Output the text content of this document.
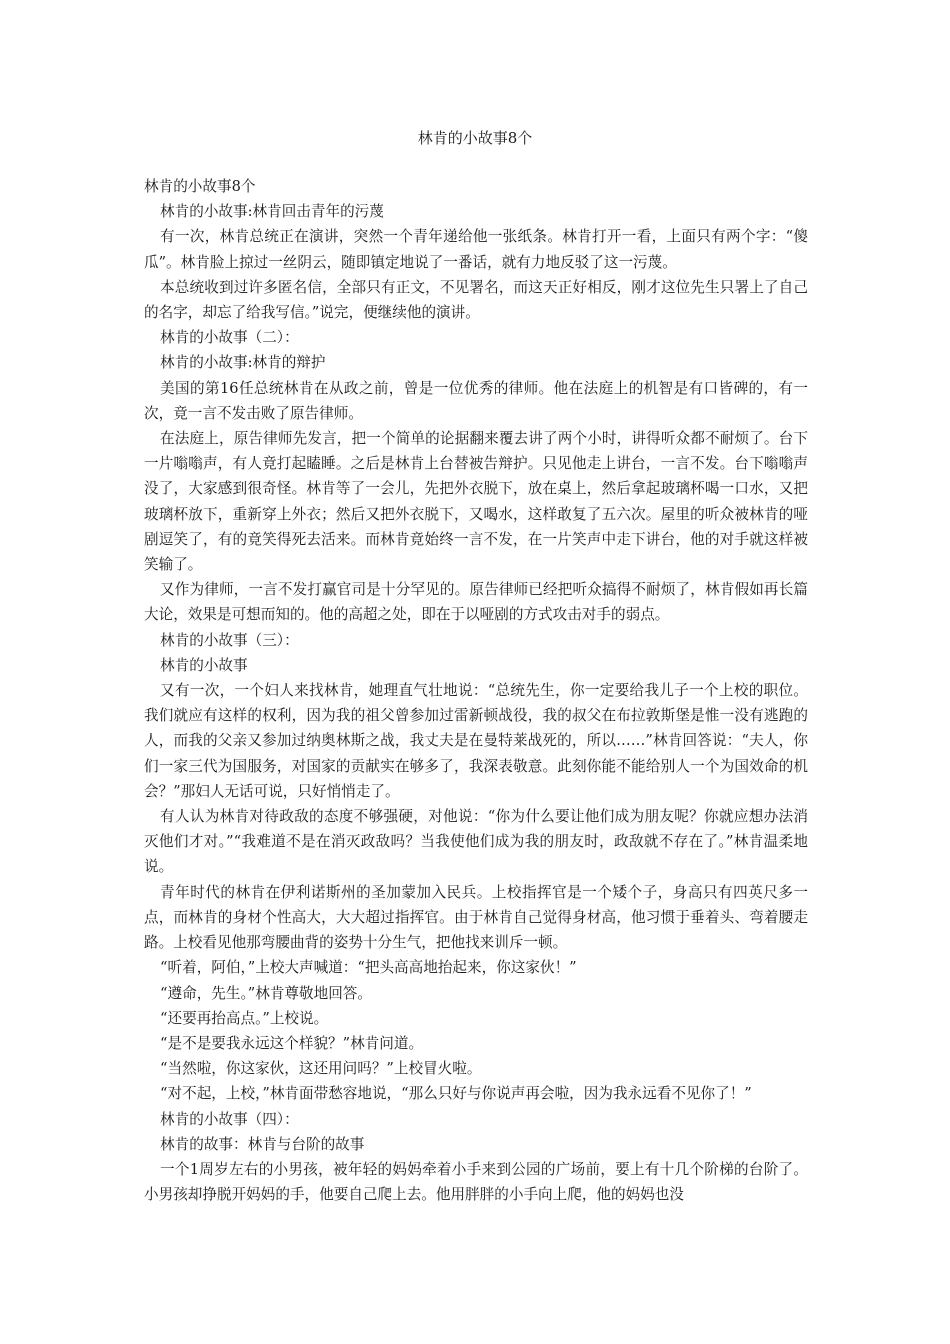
林肯的小故事8个

林肯的小故事8个

林肯的小故事:林肯回击青年的污蔑

有一次，林肯总统正在演讲，突然一个青年递给他一张纸条。林肯打开一看，上面只有两个字：“傻瓜”。林肯脸上掠过一丝阴云，随即镇定地说了一番话，就有力地反驳了这一污蔑。

本总统收到过许多匿名信，全部只有正文，不见署名，而这天正好相反，刚才这位先生只署上了自己的名字，却忘了给我写信。”说完，便继续他的演讲。

林肯的小故事（二）：

林肯的小故事:林肯的辩护

美国的第16任总统林肯在从政之前，曾是一位优秀的律师。他在法庭上的机智是有口皆碑的，有一次，竟一言不发击败了原告律师。

在法庭上，原告律师先发言，把一个简单的论据翻来覆去讲了两个小时，讲得听众都不耐烦了。台下一片嗡嗡声，有人竟打起瞌睡。之后是林肯上台替被告辩护。只见他走上讲台，一言不发。台下嗡嗡声没了，大家感到很奇怪。林肯等了一会儿，先把外衣脱下，放在桌上，然后拿起玻璃杯喝一口水，又把玻璃杯放下，重新穿上外衣；然后又把外衣脱下，又喝水，这样敢复了五六次。屋里的听众被林肯的哑剧逗笑了，有的竟笑得死去活来。而林肯竟始终一言不发，在一片笑声中走下讲台，他的对手就这样被笑输了。

又作为律师，一言不发打赢官司是十分罕见的。原告律师已经把听众搞得不耐烦了，林肯假如再长篇大论，效果是可想而知的。他的高超之处，即在于以哑剧的方式攻击对手的弱点。

林肯的小故事（三）：

林肯的小故事

又有一次，一个妇人来找林肯，她理直气壮地说：“总统先生，你一定要给我儿子一个上校的职位。我们就应有这样的权利，因为我的祖父曾参加过雷新顿战役，我的叔父在布拉敦斯堡是惟一没有逃跑的人，而我的父亲又参加过纳奥林斯之战，我丈夫是在曼特莱战死的，所以……”林肯回答说：“夫人，你们一家三代为国服务，对国家的贡献实在够多了，我深表敬意。此刻你能不能给别人一个为国效命的机会？”那妇人无话可说，只好悄悄走了。

有人认为林肯对待政敌的态度不够强硬，对他说：“你为什么要让他们成为朋友呢？你就应想办法消灭他们才对。”“我难道不是在消灭政敌吗？当我使他们成为我的朋友时，政敌就不存在了。”林肯温柔地说。

青年时代的林肯在伊利诺斯州的圣加蒙加入民兵。上校指挥官是一个矮个子，身高只有四英尺多一点，而林肯的身材个性高大，大大超过指挥官。由于林肯自己觉得身材高，他习惯于垂着头、弯着腰走路。上校看见他那弯腰曲背的姿势十分生气，把他找来训斥一顿。

“听着，阿伯，”上校大声喊道：“把头高高地抬起来，你这家伙！”

“遵命，先生。”林肯尊敬地回答。

“还要再抬高点。”上校说。

“是不是要我永远这个样貌？”林肯问道。

“当然啦，你这家伙，这还用问吗？”上校冒火啦。

“对不起，上校，”林肯面带愁容地说，“那么只好与你说声再会啦，因为我永远看不见你了！”

林肯的小故事（四）：

林肯的故事：林肯与台阶的故事

一个1周岁左右的小男孩，被年轻的妈妈牵着小手来到公园的广场前，要上有十几个阶梯的台阶了。小男孩却挣脱开妈妈的手，他要自己爬上去。他用胖胖的小手向上爬，他的妈妈也没
